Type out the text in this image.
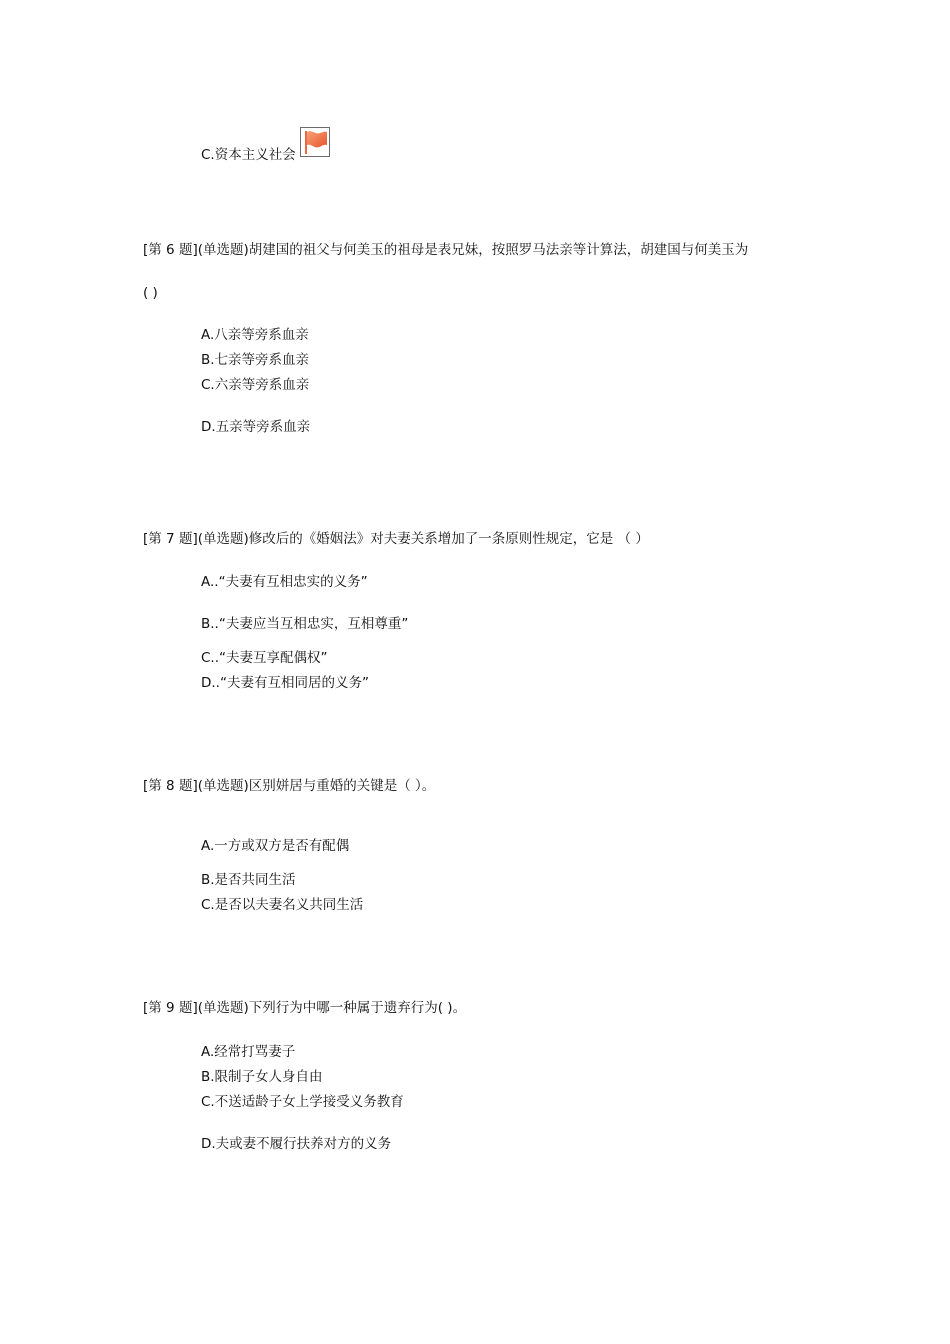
C.资本主义社会
[第 6 题](单选题)胡建国的祖父与何美玉的祖母是表兄妹，按照罗马法亲等计算法，胡建国与何美玉为
( )
A.八亲等旁系血亲
B.七亲等旁系血亲
C.六亲等旁系血亲
D.五亲等旁系血亲
[第 7 题](单选题)修改后的《婚姻法》对夫妻关系增加了一条原则性规定，它是 （ ）
A..“夫妻有互相忠实的义务”
B..“夫妻应当互相忠实，互相尊重”
C..“夫妻互享配偶权”
D..“夫妻有互相同居的义务”
[第 8 题](单选题)区别姘居与重婚的关键是（ ）。
A.一方或双方是否有配偶
B.是否共同生活
C.是否以夫妻名义共同生活
[第 9 题](单选题)下列行为中哪一种属于遗弃行为( )。
A.经常打骂妻子
B.限制子女人身自由
C.不送适龄子女上学接受义务教育
D.夫或妻不履行扶养对方的义务
